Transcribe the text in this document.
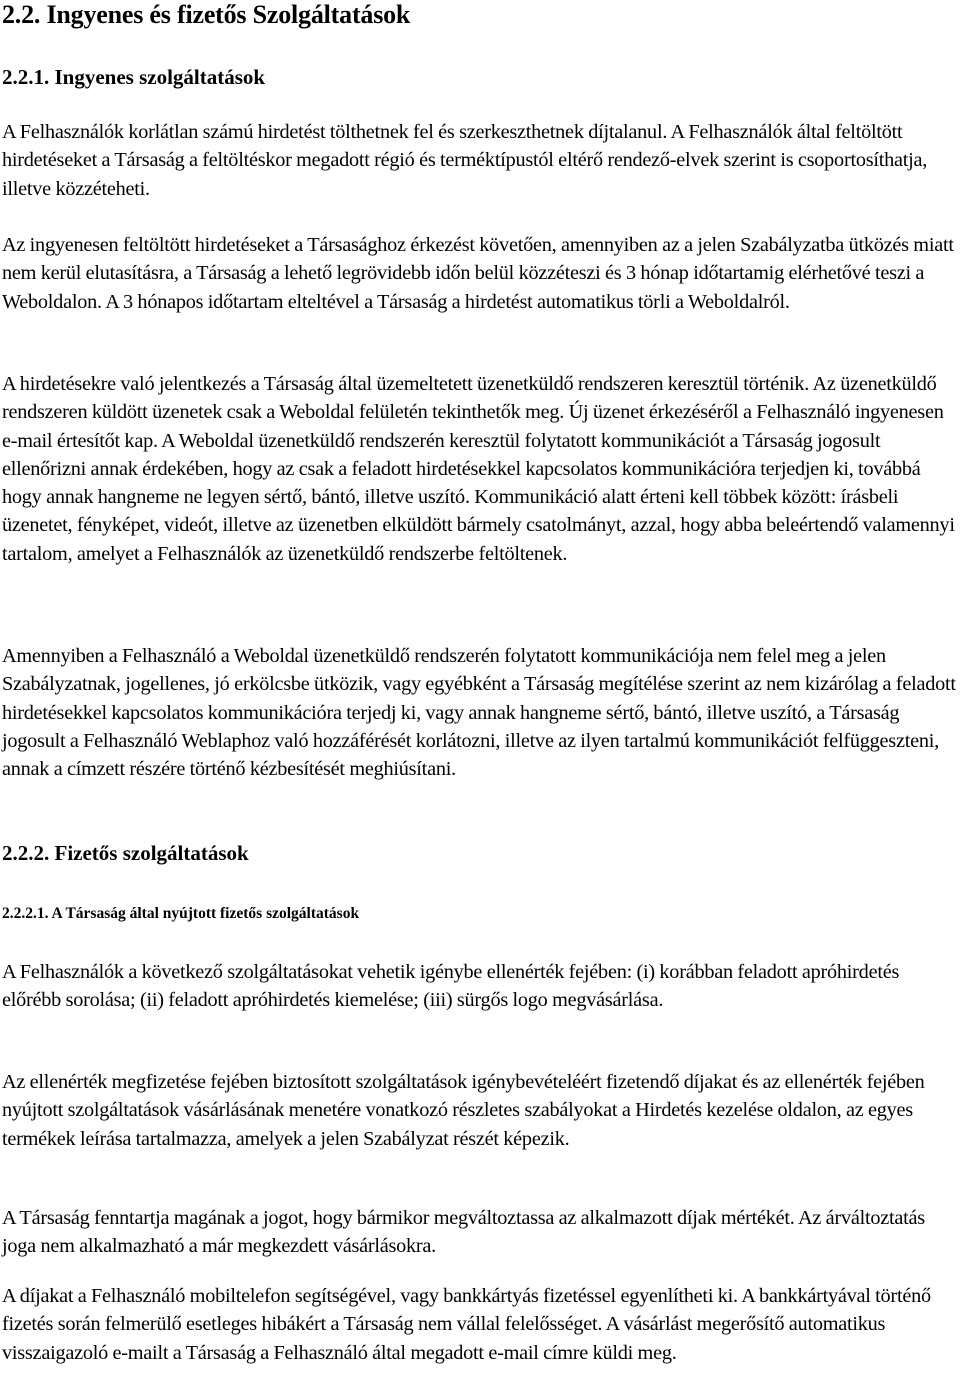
2.2. Ingyenes és fizetős Szolgáltatások
2.2.1. Ingyenes szolgáltatások

A Felhasználók korlátlan számú hirdetést tölthetnek fel és szerkeszthetnek díjtalanul. A Felhasználók által feltöltött hirdetéseket a Társaság a feltöltéskor megadott régió és terméktípustól eltérő rendező-elvek szerint is csoportosíthatja, illetve közzéteheti.

Az ingyenesen feltöltött hirdetéseket a Társasághoz érkezést követően, amennyiben az a jelen Szabályzatba ütközés miatt nem kerül elutasításra, a Társaság a lehető legrövidebb időn belül közzéteszi és 3 hónap időtartamig elérhetővé teszi a Weboldalon. A 3 hónapos időtartam elteltével a Társaság a hirdetést automatikus törli a Weboldalról.

A hirdetésekre való jelentkezés a Társaság által üzemeltetett üzenetküldő rendszeren keresztül történik. Az üzenetküldő rendszeren küldött üzenetek csak a Weboldal felületén tekinthetők meg. Új üzenet érkezéséről a Felhasználó ingyenesen e-mail értesítőt kap. A Weboldal üzenetküldő rendszerén keresztül folytatott kommunikációt a Társaság jogosult ellenőrizni annak érdekében, hogy az csak a feladott hirdetésekkel kapcsolatos kommunikációra terjedjen ki, továbbá hogy annak hangneme ne legyen sértő, bántó, illetve uszító. Kommunikáció alatt érteni kell többek között: írásbeli üzenetet, fényképet, videót, illetve az üzenetben elküldött bármely csatolmányt, azzal, hogy abba beleértendő valamennyi tartalom, amelyet a Felhasználók az üzenetküldő rendszerbe feltöltenek.

Amennyiben a Felhasználó a Weboldal üzenetküldő rendszerén folytatott kommunikációja nem felel meg a jelen Szabályzatnak, jogellenes, jó erkölcsbe ütközik, vagy egyébként a Társaság megítélése szerint az nem kizárólag a feladott hirdetésekkel kapcsolatos kommunikációra terjedj ki, vagy annak hangneme sértő, bántó, illetve uszító, a Társaság jogosult a Felhasználó Weblaphoz való hozzáférését korlátozni, illetve az ilyen tartalmú kommunikációt felfüggeszteni, annak a címzett részére történő kézbesítését meghiúsítani.

2.2.2. Fizetős szolgáltatások
2.2.2.1. A Társaság által nyújtott fizetős szolgáltatások

A Felhasználók a következő szolgáltatásokat vehetik igénybe ellenérték fejében: (i) korábban feladott apróhirdetés előrébb sorolása; (ii) feladott apróhirdetés kiemelése; (iii) sürgős logo megvásárlása.

Az ellenérték megfizetése fejében biztosított szolgáltatások igénybevételéért fizetendő díjakat és az ellenérték fejében nyújtott szolgáltatások vásárlásának menetére vonatkozó részletes szabályokat a Hirdetés kezelése oldalon, az egyes termékek leírása tartalmazza, amelyek a jelen Szabályzat részét képezik.

A Társaság fenntartja magának a jogot, hogy bármikor megváltoztassa az alkalmazott díjak mértékét. Az árváltoztatás joga nem alkalmazható a már megkezdett vásárlásokra.

A díjakat a Felhasználó mobiltelefon segítségével, vagy bankkártyás fizetéssel egyenlítheti ki. A bankkártyával történő fizetés során felmerülő esetleges hibákért a Társaság nem vállal felelősséget. A vásárlást megerősítő automatikus visszaigazoló e-mailt a Társaság a Felhasználó által megadott e-mail címre küldi meg.
